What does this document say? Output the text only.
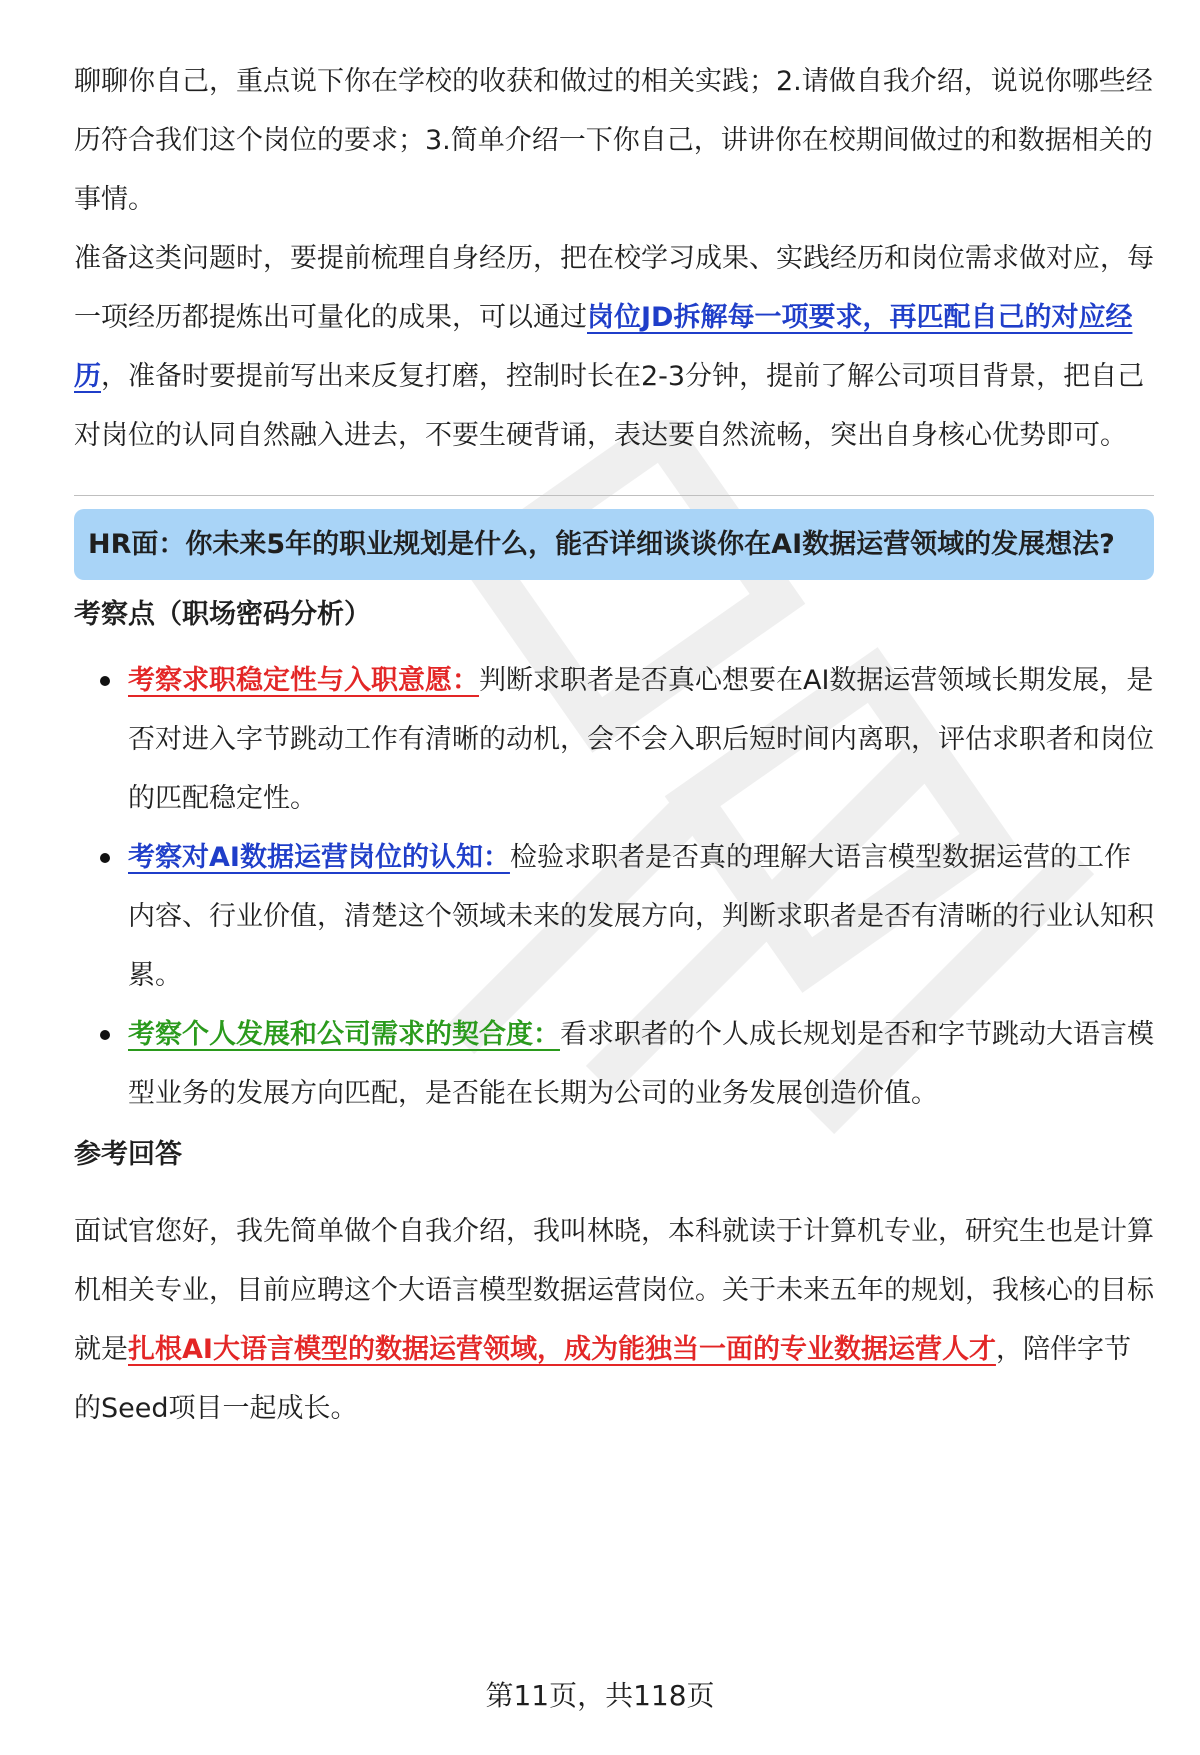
聊聊你自己，重点说下你在学校的收获和做过的相关实践；2.请做自我介绍，说说你哪些经历符合我们这个岗位的要求；3.简单介绍一下你自己，讲讲你在校期间做过的和数据相关的事情。

准备这类问题时，要提前梳理自身经历，把在校学习成果、实践经历和岗位需求做对应，每一项经历都提炼出可量化的成果，可以通过岗位JD拆解每一项要求，再匹配自己的对应经历，准备时要提前写出来反复打磨，控制时长在2-3分钟，提前了解公司项目背景，把自己对岗位的认同自然融入进去，不要生硬背诵，表达要自然流畅，突出自身核心优势即可。

HR面：你未来5年的职业规划是什么，能否详细谈谈你在AI数据运营领域的发展想法?
考察点（职场密码分析）
考察求职稳定性与入职意愿：判断求职者是否真心想要在AI数据运营领域长期发展，是否对进入字节跳动工作有清晰的动机，会不会入职后短时间内离职，评估求职者和岗位的匹配稳定性。
考察对AI数据运营岗位的认知：检验求职者是否真的理解大语言模型数据运营的工作内容、行业价值，清楚这个领域未来的发展方向，判断求职者是否有清晰的行业认知积累。
考察个人发展和公司需求的契合度：看求职者的个人成长规划是否和字节跳动大语言模型业务的发展方向匹配，是否能在长期为公司的业务发展创造价值。
参考回答

面试官您好，我先简单做个自我介绍，我叫林晓，本科就读于计算机专业，研究生也是计算机相关专业，目前应聘这个大语言模型数据运营岗位。关于未来五年的规划，我核心的目标就是扎根AI大语言模型的数据运营领域，成为能独当一面的专业数据运营人才，陪伴字节的Seed项目一起成长。

第11页，共118页
